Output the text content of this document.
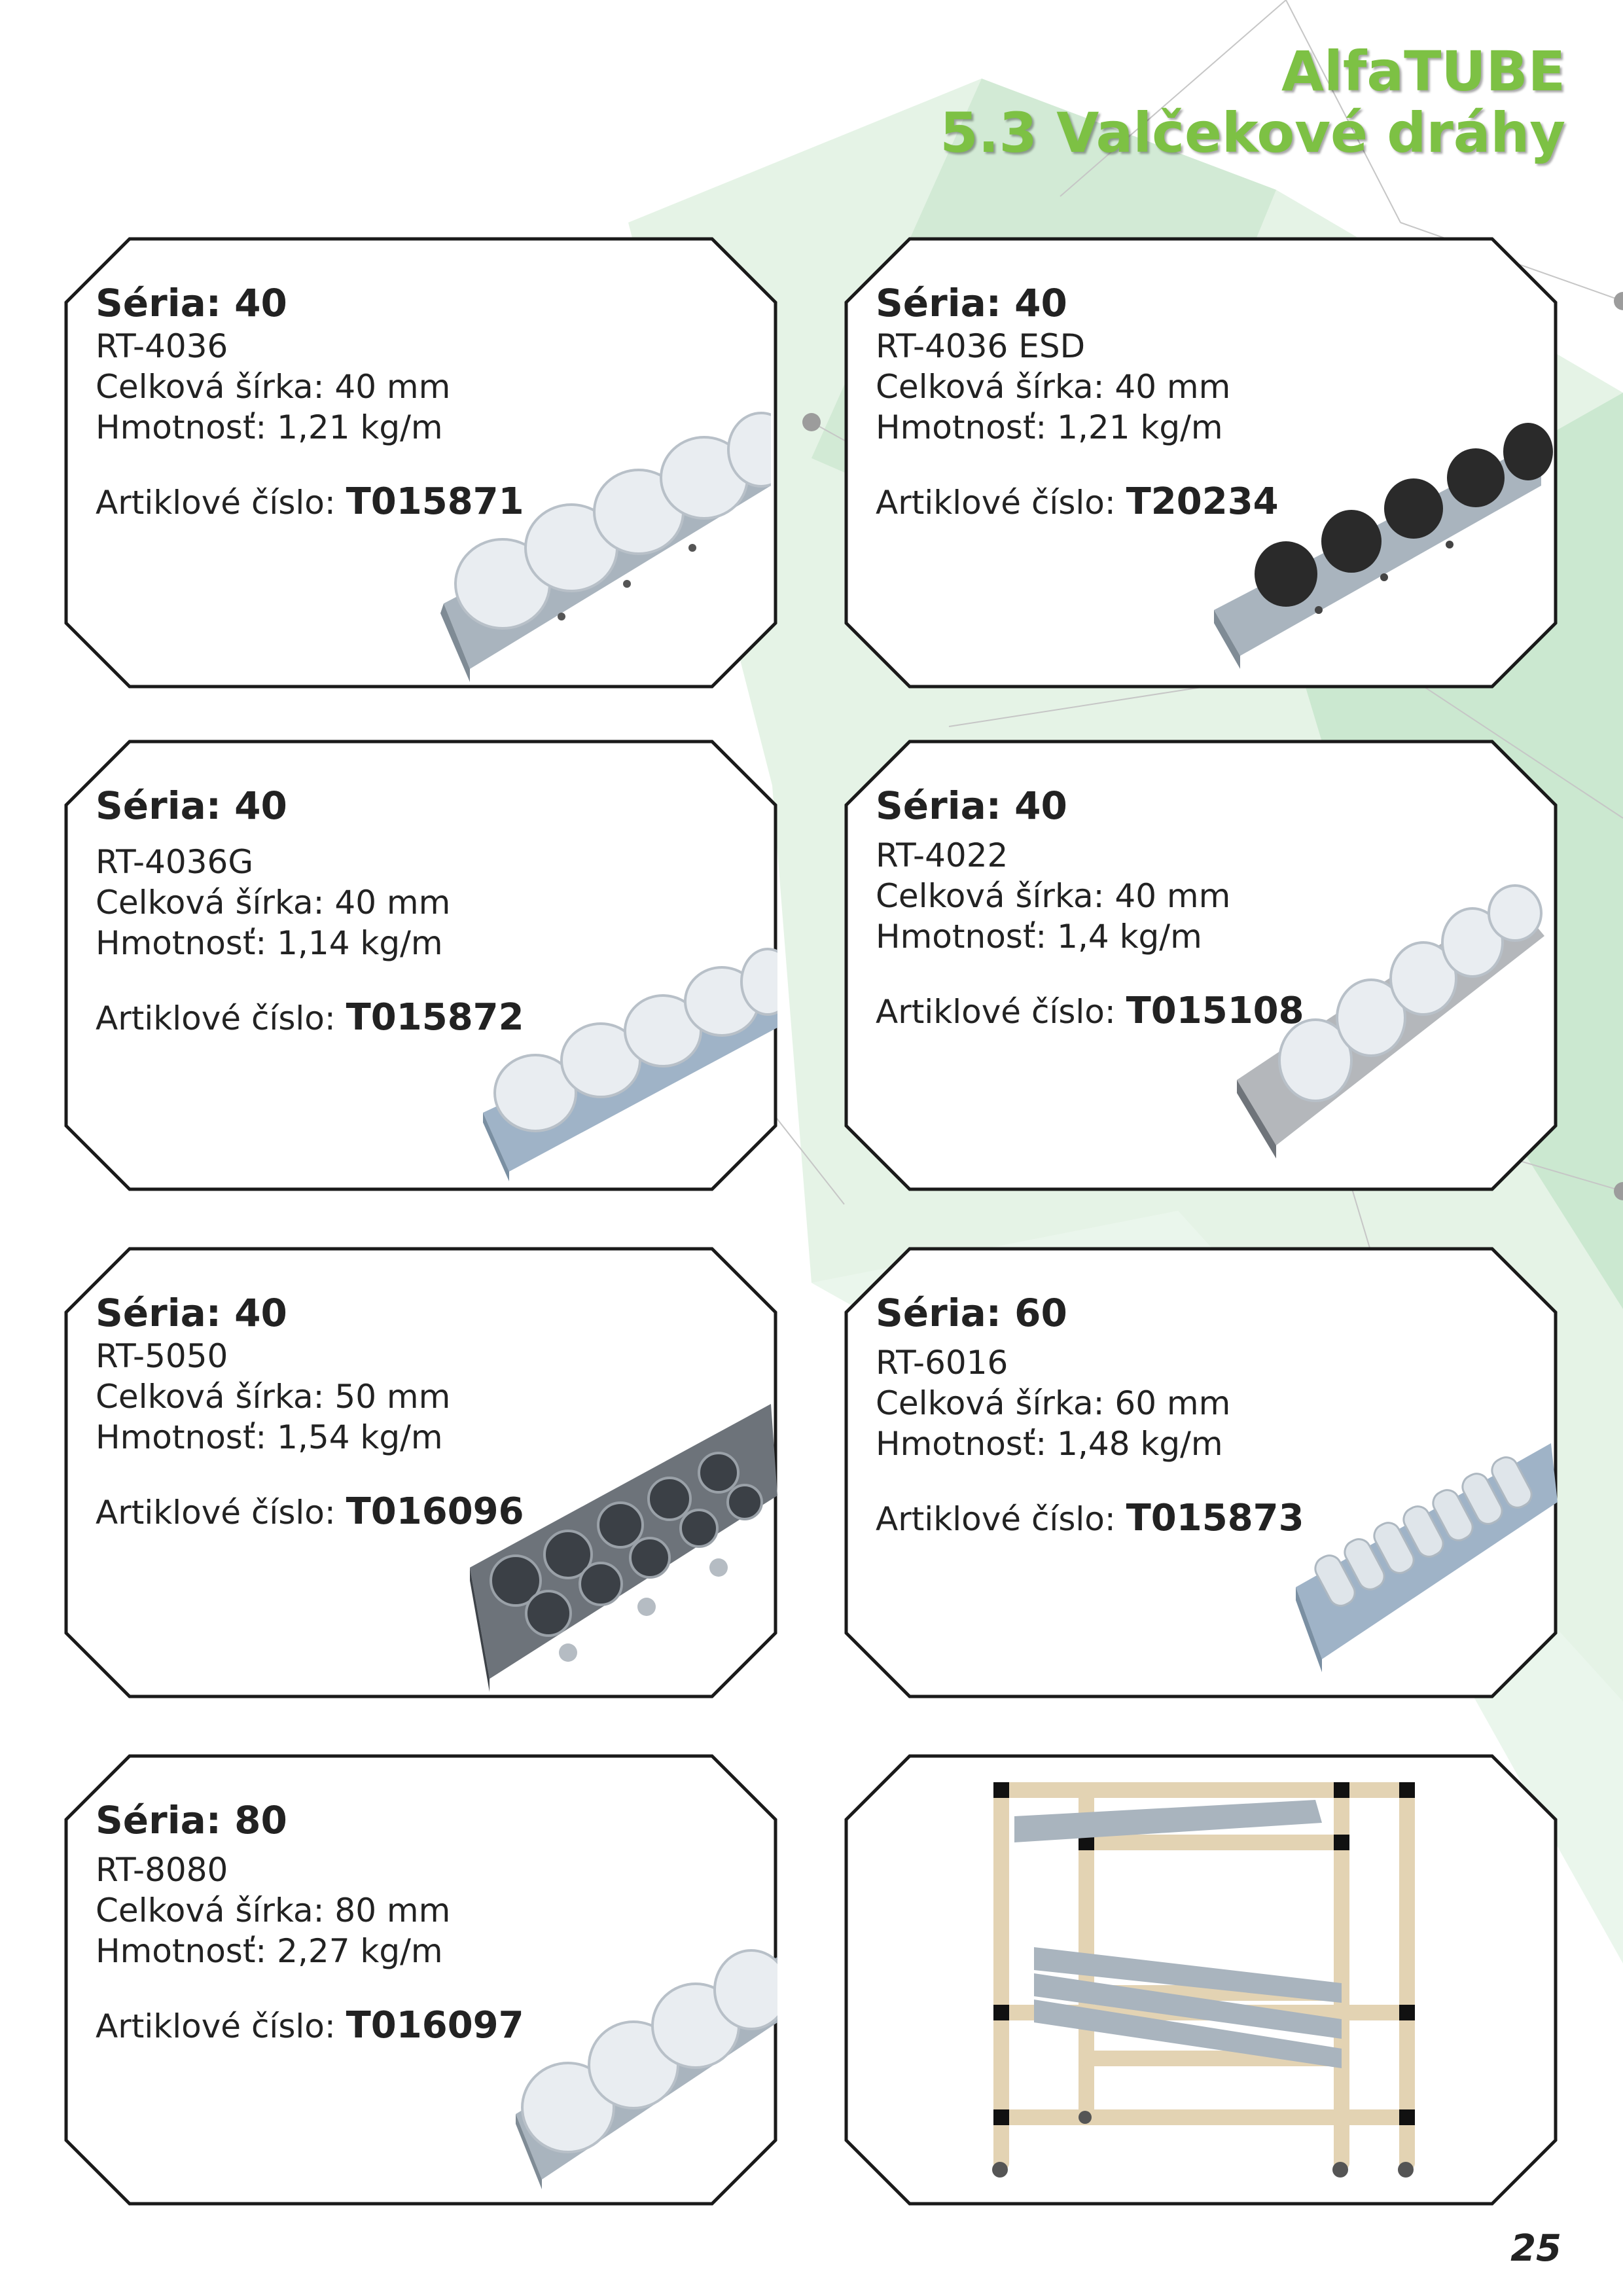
AlfaTUBE
5.3 Valčekové dráhy
Séria: 40
RT-4036
Celková šírka: 40 mm
Hmotnosť: 1,21 kg/m
Artiklové číslo: T015871
Séria: 40
RT-4036 ESD
Celková šírka: 40 mm
Hmotnosť: 1,21 kg/m
Artiklové číslo: T20234
Séria: 40
RT-4036G
Celková šírka: 40 mm
Hmotnosť: 1,14 kg/m
Artiklové číslo: T015872
Séria: 40
RT-4022
Celková šírka: 40 mm
Hmotnosť: 1,4 kg/m
Artiklové číslo: T015108
Séria: 40
RT-5050
Celková šírka: 50 mm
Hmotnosť: 1,54 kg/m
Artiklové číslo: T016096
Séria: 60
RT-6016
Celková šírka: 60 mm
Hmotnosť: 1,48 kg/m
Artiklové číslo: T015873
Séria: 80
RT-8080
Celková šírka: 80 mm
Hmotnosť: 2,27 kg/m
Artiklové číslo: T016097
25
